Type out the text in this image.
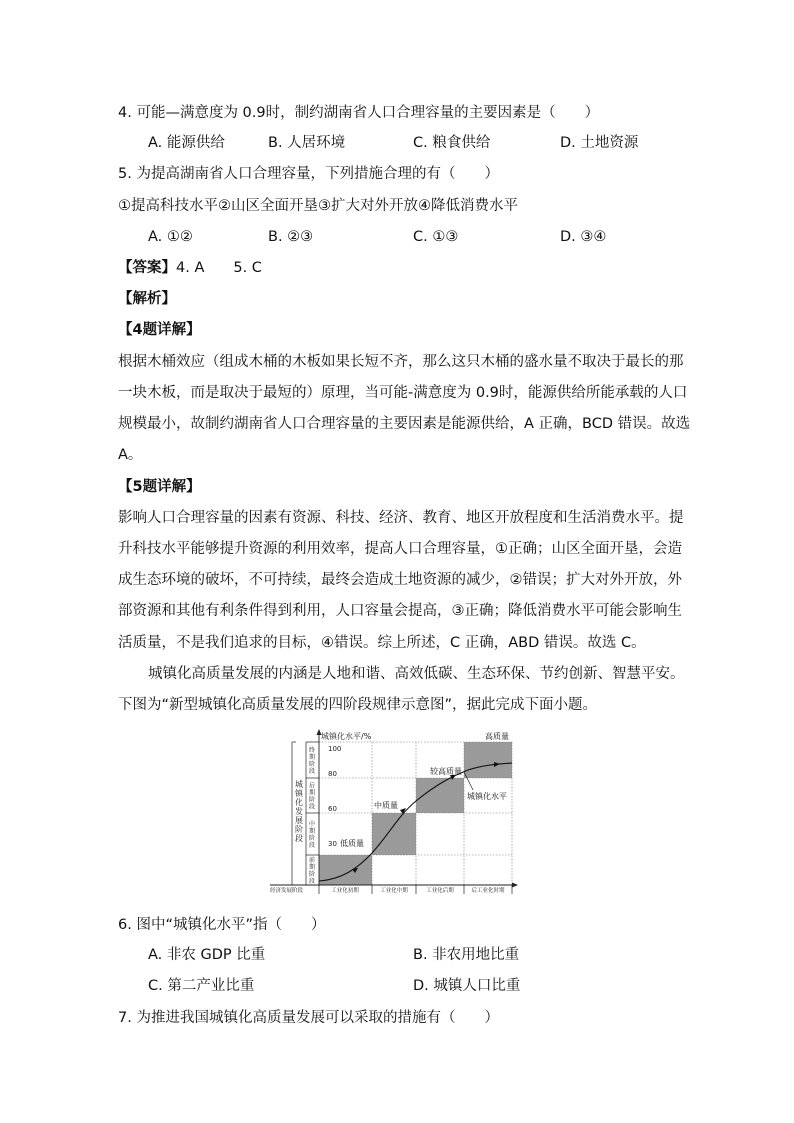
4. 可能—满意度为 0.9时，制约湖南省人口合理容量的主要因素是（　　）
A. 能源供给	B. 人居环境	C. 粮食供给	D. 土地资源
5. 为提高湖南省人口合理容量，下列措施合理的有（　　）
①提高科技水平②山区全面开垦③扩大对外开放④降低消费水平
A. ①②	B. ②③	C. ①③	D. ③④
【答案】4. A　　5. C
【解析】
【4题详解】
根据木桶效应（组成木桶的木板如果长短不齐，那么这只木桶的盛水量不取决于最长的那
一块木板，而是取决于最短的）原理，当可能-满意度为 0.9时，能源供给所能承载的人口
规模最小，故制约湖南省人口合理容量的主要因素是能源供给，A 正确，BCD 错误。故选
A。
【5题详解】
影响人口合理容量的因素有资源、科技、经济、教育、地区开放程度和生活消费水平。提
升科技水平能够提升资源的利用效率，提高人口合理容量，①正确；山区全面开垦，会造
成生态环境的破坏，不可持续，最终会造成土地资源的减少，②错误；扩大对外开放，外
部资源和其他有利条件得到利用，人口容量会提高，③正确；降低消费水平可能会影响生
活质量，不是我们追求的目标，④错误。综上所述，C 正确，ABD 错误。故选 C。
城镇化高质量发展的内涵是人地和谐、高效低碳、生态环保、节约创新、智慧平安。
下图为“新型城镇化高质量发展的四阶段规律示意图”，据此完成下面小题。
城镇化水平/%
100
80
60
30 低质量
中质量
较高质量
高质量
城镇化水平
经济发展阶段	工业化初期	工业化中期	工业化后期	后工业化时期
城
镇
化
发
展
阶
段
终
期
阶
段
后
期
阶
段
中
期
阶
段
前
期
阶
段
6. 图中“城镇化水平”指（　　）
A. 非农 GDP 比重	B. 非农用地比重
C. 第二产业比重	D. 城镇人口比重
7. 为推进我国城镇化高质量发展可以采取的措施有（　　）
